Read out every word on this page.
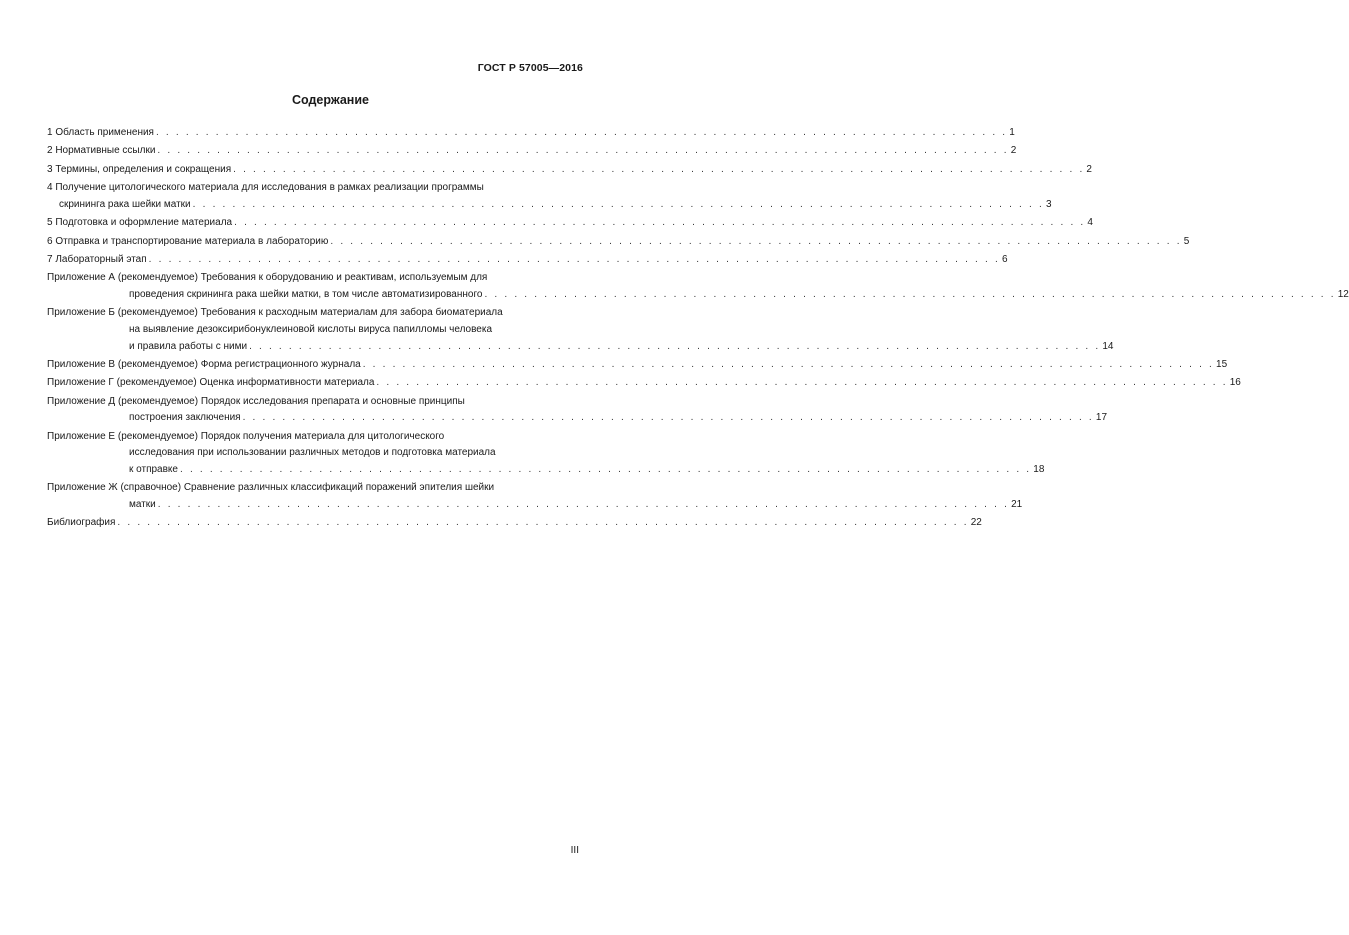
ГОСТ Р 57005—2016
Содержание
1 Область применения . . . . . . . . . . . . . . . . . . . . . . . . . . . . . . . . . . . . . . . . . . . . . . . . . . . . . . . . . . . . . . . . . . . . . . . . . . . . . . . . . . . . . . 1
2 Нормативные ссылки . . . . . . . . . . . . . . . . . . . . . . . . . . . . . . . . . . . . . . . . . . . . . . . . . . . . . . . . . . . . . . . . . . . . . . . . . . . . . . . . . . . . . . 2
3 Термины, определения и сокращения . . . . . . . . . . . . . . . . . . . . . . . . . . . . . . . . . . . . . . . . . . . . . . . . . . . . . . . . . . . . . . . . . . . . . . . . . . . . . . . . . . . . . . 2
4 Получение цитологического материала для исследования в рамках реализации программы
скрининга рака шейки матки . . . . . . . . . . . . . . . . . . . . . . . . . . . . . . . . . . . . . . . . . . . . . . . . . . . . . . . . . . . . . . . . . . . . . . . . . . . . . . . . . . . . . . 3
5 Подготовка и оформление материала . . . . . . . . . . . . . . . . . . . . . . . . . . . . . . . . . . . . . . . . . . . . . . . . . . . . . . . . . . . . . . . . . . . . . . . . . . . . . . . . . . . . . . 4
6 Отправка и транспортирование материала в лабораторию . . . . . . . . . . . . . . . . . . . . . . . . . . . . . . . . . . . . . . . . . . . . . . . . . . . . . . . . . . . . . . . . . . . . . . . . . . . . . . . . . . . . . . 5
7 Лабораторный этап . . . . . . . . . . . . . . . . . . . . . . . . . . . . . . . . . . . . . . . . . . . . . . . . . . . . . . . . . . . . . . . . . . . . . . . . . . . . . . . . . . . . . . 6
Приложение А (рекомендуемое) Требования к оборудованию и реактивам, используемым для
проведения скрининга рака шейки матки, в том числе автоматизированного . . . . . . . . . . . . . . . . . . . . . . . . . . . . . . . . . . . . . . . . . . . . . . . . . . . . . . . . . . . . . . . . . . . . . . . . . . . . . . . . . . . . . . 12
Приложение Б (рекомендуемое) Требования к расходным материалам для забора биоматериала
на выявление дезоксирибонуклеиновой кислоты вируса папилломы человека
и правила работы с ними . . . . . . . . . . . . . . . . . . . . . . . . . . . . . . . . . . . . . . . . . . . . . . . . . . . . . . . . . . . . . . . . . . . . . . . . . . . . . . . . . . . . . . 14
Приложение В (рекомендуемое) Форма регистрационного журнала . . . . . . . . . . . . . . . . . . . . . . . . . . . . . . . . . . . . . . . . . . . . . . . . . . . . . . . . . . . . . . . . . . . . . . . . . . . . . . . . . . . . . . 15
Приложение Г (рекомендуемое) Оценка информативности материала . . . . . . . . . . . . . . . . . . . . . . . . . . . . . . . . . . . . . . . . . . . . . . . . . . . . . . . . . . . . . . . . . . . . . . . . . . . . . . . . . . . . . . 16
Приложение Д (рекомендуемое) Порядок исследования препарата и основные принципы
построения заключения . . . . . . . . . . . . . . . . . . . . . . . . . . . . . . . . . . . . . . . . . . . . . . . . . . . . . . . . . . . . . . . . . . . . . . . . . . . . . . . . . . . . . . 17
Приложение Е (рекомендуемое) Порядок получения материала для цитологического
исследования при использовании различных методов и подготовка материала
к отправке . . . . . . . . . . . . . . . . . . . . . . . . . . . . . . . . . . . . . . . . . . . . . . . . . . . . . . . . . . . . . . . . . . . . . . . . . . . . . . . . . . . . . . 18
Приложение Ж (справочное) Сравнение различных классификаций поражений эпителия шейки
матки . . . . . . . . . . . . . . . . . . . . . . . . . . . . . . . . . . . . . . . . . . . . . . . . . . . . . . . . . . . . . . . . . . . . . . . . . . . . . . . . . . . . . . 21
Библиография . . . . . . . . . . . . . . . . . . . . . . . . . . . . . . . . . . . . . . . . . . . . . . . . . . . . . . . . . . . . . . . . . . . . . . . . . . . . . . . . . . . . . . 22
III
